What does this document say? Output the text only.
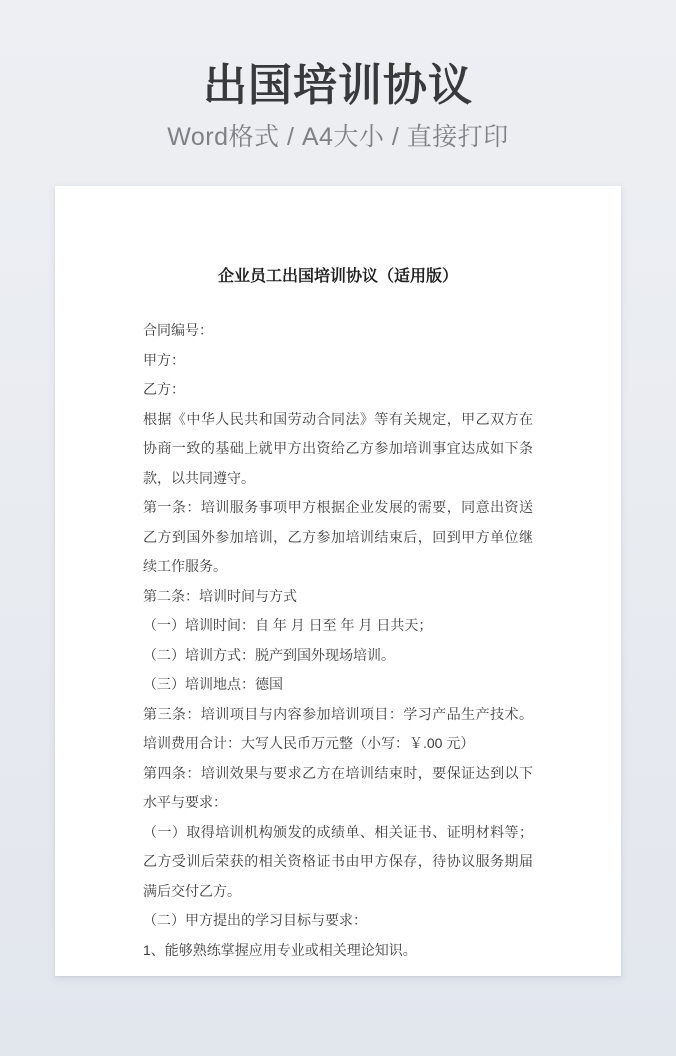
出国培训协议
Word格式 / A4大小 / 直接打印
企业员工出国培训协议（适用版）

合同编号：

甲方：

乙方：

根据《中华人民共和国劳动合同法》等有关规定，甲乙双方在协商一致的基础上就甲方出资给乙方参加培训事宜达成如下条款，以共同遵守。

第一条：培训服务事项甲方根据企业发展的需要，同意出资送乙方到国外参加培训，乙方参加培训结束后，回到甲方单位继续工作服务。

第二条：培训时间与方式

（一）培训时间：自 年 月 日至 年 月 日共天；

（二）培训方式：脱产到国外现场培训。

（三）培训地点：德国

第三条：培训项目与内容参加培训项目：学习产品生产技术。培训费用合计：大写人民币万元整（小写：￥.00 元）

第四条：培训效果与要求乙方在培训结束时，要保证达到以下水平与要求：

（一）取得培训机构颁发的成绩单、相关证书、证明材料等；乙方受训后荣获的相关资格证书由甲方保存，待协议服务期届满后交付乙方。

（二）甲方提出的学习目标与要求：

1、能够熟练掌握应用专业或相关理论知识。
